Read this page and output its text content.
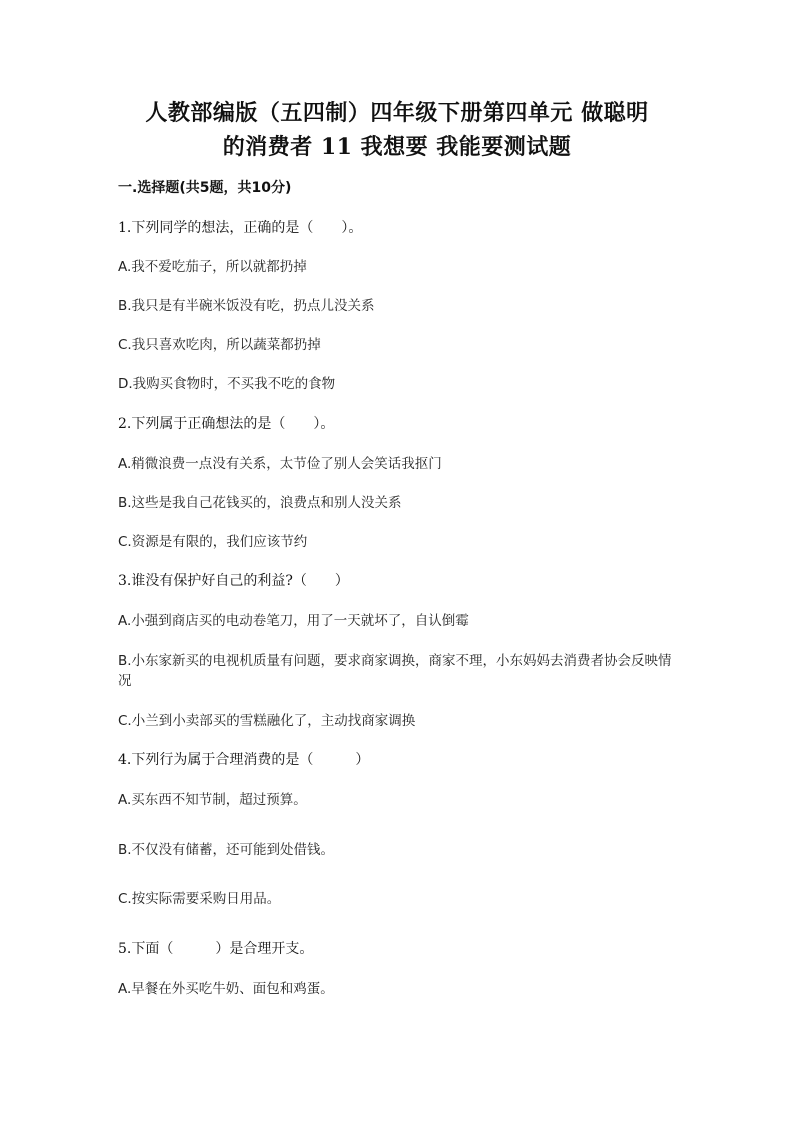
人教部编版（五四制）四年级下册第四单元 做聪明
的消费者 11 我想要 我能要测试题
一.选择题(共5题，共10分)
1.下列同学的想法，正确的是（　　）。
A.我不爱吃茄子，所以就都扔掉
B.我只是有半碗米饭没有吃，扔点儿没关系
C.我只喜欢吃肉，所以蔬菜都扔掉
D.我购买食物时，不买我不吃的食物
2.下列属于正确想法的是（　　）。
A.稍微浪费一点没有关系，太节俭了别人会笑话我抠门
B.这些是我自己花钱买的，浪费点和别人没关系
C.资源是有限的，我们应该节约
3.谁没有保护好自己的利益?（　　）
A.小强到商店买的电动卷笔刀，用了一天就坏了，自认倒霉
B.小东家新买的电视机质量有问题，要求商家调换，商家不理，小东妈妈去消费者协会反映情况
C.小兰到小卖部买的雪糕融化了，主动找商家调换
4.下列行为属于合理消费的是（　　　）
A.买东西不知节制，超过预算。
B.不仅没有储蓄，还可能到处借钱。
C.按实际需要采购日用品。
5.下面（　　　）是合理开支。
A.早餐在外买吃牛奶、面包和鸡蛋。
